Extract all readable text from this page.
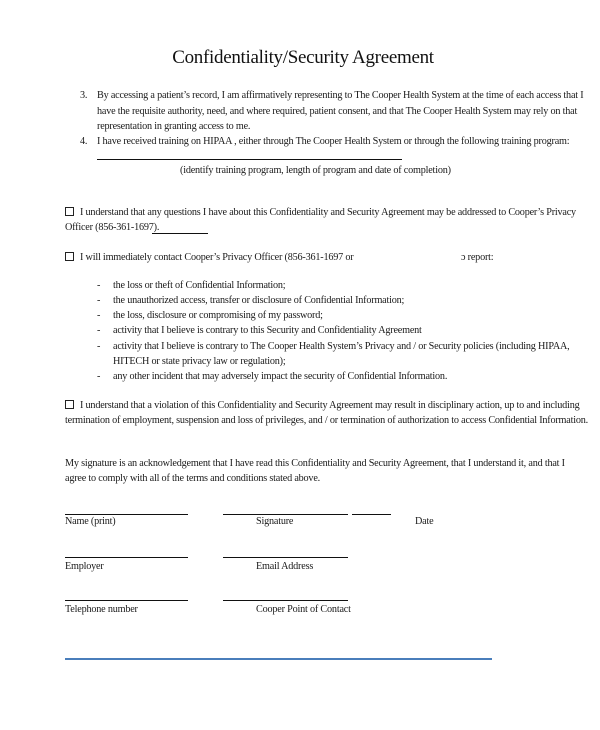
Confidentiality/Security Agreement
3. By accessing a patient’s record, I am affirmatively representing to The Cooper Health System at the time of each access that I
have the requisite authority, need, and where required, patient consent, and that The Cooper Health System may rely on that
representation in granting access to me.
4. I have received training on HIPAA , either through The Cooper Health System or through the following training program:
(identify training program, length of program and date of completion)
I understand that any questions I have about this Confidentiality and Security Agreement may be addressed to Cooper’s Privacy
Officer (856-361-1697).
I will immediately contact Cooper’s Privacy Officer (856-361-1697 or	ɔ report:
- the loss or theft of Confidential Information;
- the unauthorized access, transfer or disclosure of Confidential Information;
- the loss, disclosure or compromising of my password;
- activity that I believe is contrary to this Security and Confidentiality Agreement
- activity that I believe is contrary to The Cooper Health System’s Privacy and / or Security policies (including HIPAA,
HITECH or state privacy law or regulation);
- any other incident that may adversely impact the security of Confidential Information.
I understand that a violation of this Confidentiality and Security Agreement may result in disciplinary action, up to and including
termination of employment, suspension and loss of privileges, and / or termination of authorization to access Confidential Information.
My signature is an acknowledgement that I have read this Confidentiality and Security Agreement, that I understand it, and that I
agree to comply with all of the terms and conditions stated above.
Name (print)	Signature	Date
Employer	Email Address
Telephone number	Cooper Point of Contact
